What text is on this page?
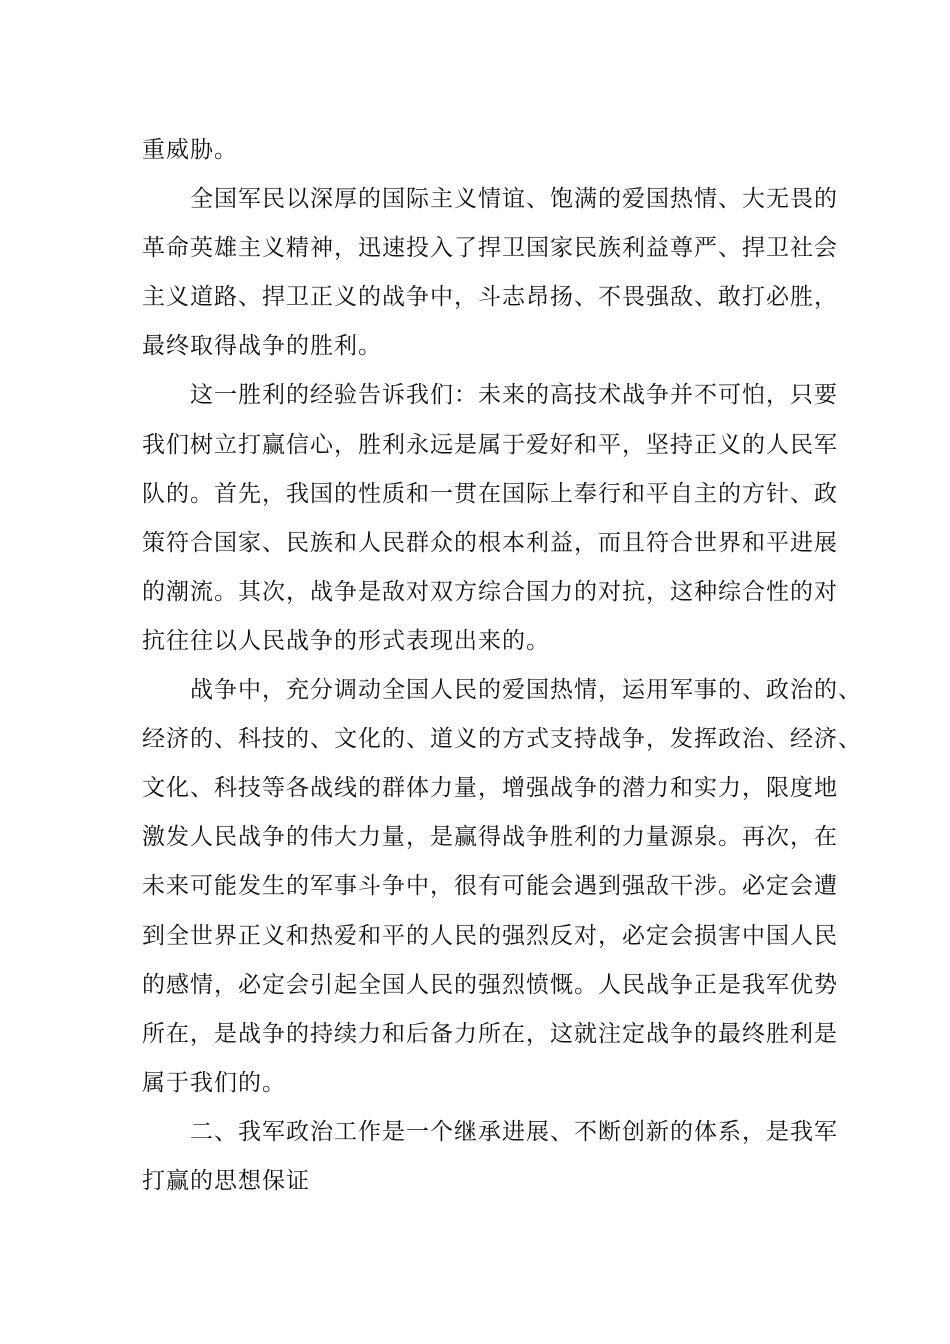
重威胁。
全国军民以深厚的国际主义情谊、饱满的爱国热情、大无畏的
革命英雄主义精神，迅速投入了捍卫国家民族利益尊严、捍卫社会
主义道路、捍卫正义的战争中，斗志昂扬、不畏强敌、敢打必胜，
最终取得战争的胜利。
这一胜利的经验告诉我们：未来的高技术战争并不可怕，只要
我们树立打赢信心，胜利永远是属于爱好和平，坚持正义的人民军
队的。首先，我国的性质和一贯在国际上奉行和平自主的方针、政
策符合国家、民族和人民群众的根本利益，而且符合世界和平进展
的潮流。其次，战争是敌对双方综合国力的对抗，这种综合性的对
抗往往以人民战争的形式表现出来的。
战争中，充分调动全国人民的爱国热情，运用军事的、政治的、
经济的、科技的、文化的、道义的方式支持战争，发挥政治、经济、
文化、科技等各战线的群体力量，增强战争的潜力和实力，限度地
激发人民战争的伟大力量，是赢得战争胜利的力量源泉。再次，在
未来可能发生的军事斗争中，很有可能会遇到强敌干涉。必定会遭
到全世界正义和热爱和平的人民的强烈反对，必定会损害中国人民
的感情，必定会引起全国人民的强烈愤慨。人民战争正是我军优势
所在，是战争的持续力和后备力所在，这就注定战争的最终胜利是
属于我们的。
二、我军政治工作是一个继承进展、不断创新的体系，是我军
打赢的思想保证
